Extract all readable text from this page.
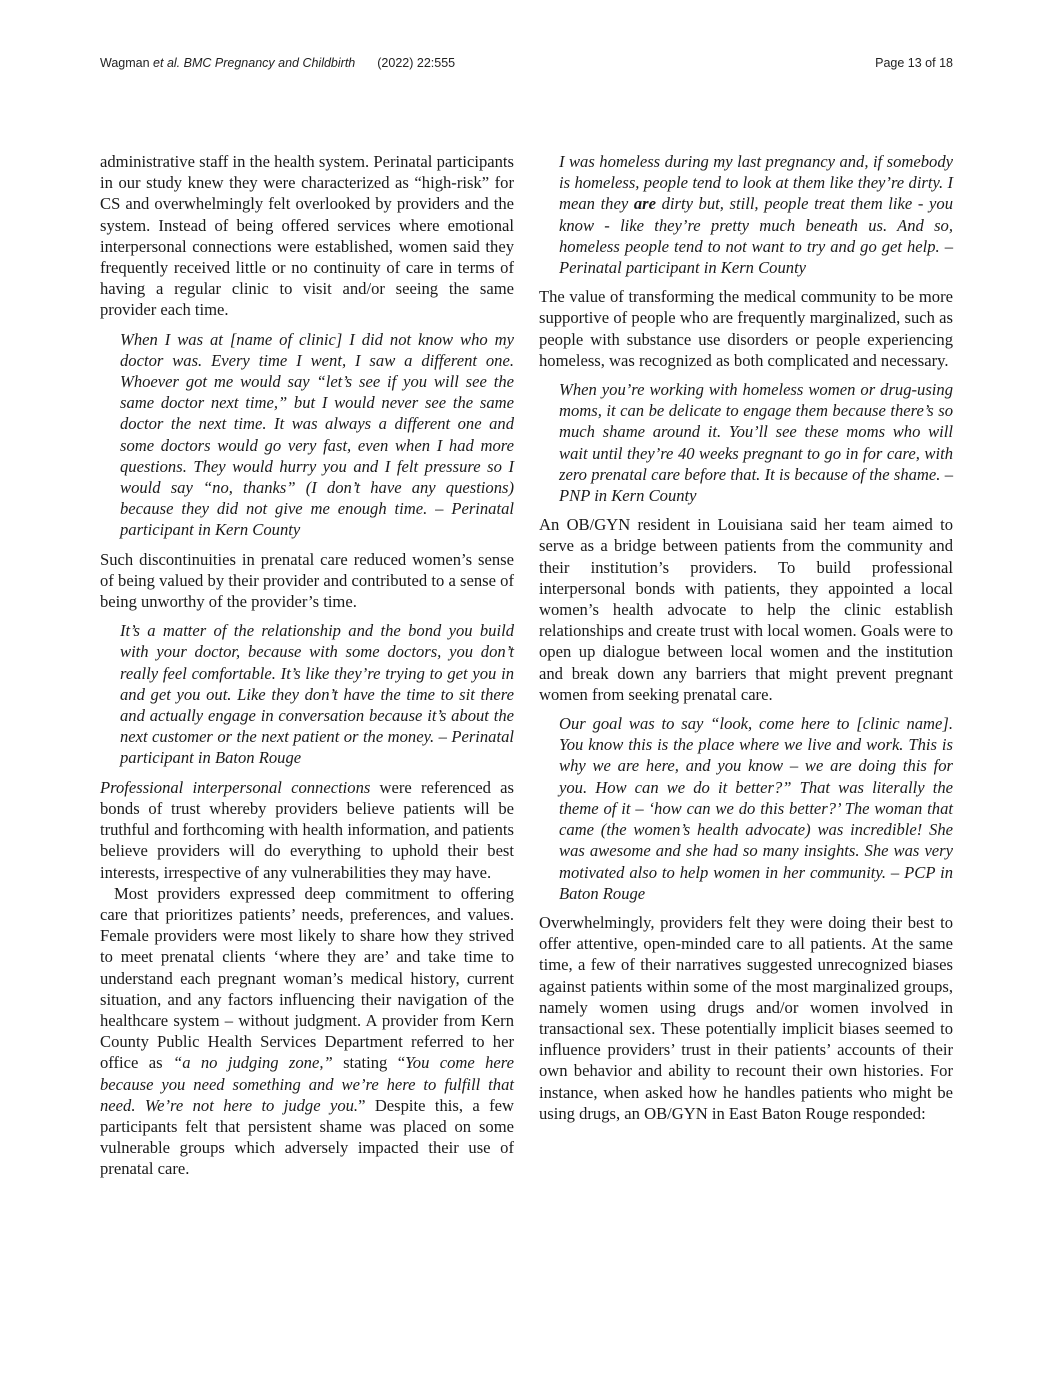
Wagman et al. BMC Pregnancy and Childbirth (2022) 22:555	Page 13 of 18

administrative staff in the health system. Perinatal participants in our study knew they were characterized as “high-risk” for CS and overwhelmingly felt overlooked by providers and the system. Instead of being offered services where emotional interpersonal connections were established, women said they frequently received little or no continuity of care in terms of having a regular clinic to visit and/or seeing the same provider each time.

When I was at [name of clinic] I did not know who my doctor was. Every time I went, I saw a different one. Whoever got me would say “let’s see if you will see the same doctor next time,” but I would never see the same doctor the next time. It was always a different one and some doctors would go very fast, even when I had more questions. They would hurry you and I felt pressure so I would say “no, thanks” (I don’t have any questions) because they did not give me enough time. – Perinatal participant in Kern County

Such discontinuities in prenatal care reduced women’s sense of being valued by their provider and contributed to a sense of being unworthy of the provider’s time.

It’s a matter of the relationship and the bond you build with your doctor, because with some doctors, you don’t really feel comfortable. It’s like they’re trying to get you in and get you out. Like they don’t have the time to sit there and actually engage in conversation because it’s about the next customer or the next patient or the money. – Perinatal participant in Baton Rouge

Professional interpersonal connections were referenced as bonds of trust whereby providers believe patients will be truthful and forthcoming with health information, and patients believe providers will do everything to uphold their best interests, irrespective of any vulnerabilities they may have.

Most providers expressed deep commitment to offering care that prioritizes patients’ needs, preferences, and values. Female providers were most likely to share how they strived to meet prenatal clients ‘where they are’ and take time to understand each pregnant woman’s medical history, current situation, and any factors influencing their navigation of the healthcare system – without judgment. A provider from Kern County Public Health Services Department referred to her office as “a no judging zone,” stating “You come here because you need something and we’re here to fulfill that need. We’re not here to judge you.” Despite this, a few participants felt that persistent shame was placed on some vulnerable groups which adversely impacted their use of prenatal care.

I was homeless during my last pregnancy and, if somebody is homeless, people tend to look at them like they’re dirty. I mean they are dirty but, still, people treat them like - you know - like they’re pretty much beneath us. And so, homeless people tend to not want to try and go get help. – Perinatal participant in Kern County

The value of transforming the medical community to be more supportive of people who are frequently marginalized, such as people with substance use disorders or people experiencing homeless, was recognized as both complicated and necessary.

When you’re working with homeless women or drug-using moms, it can be delicate to engage them because there’s so much shame around it. You’ll see these moms who will wait until they’re 40 weeks pregnant to go in for care, with zero prenatal care before that. It is because of the shame. – PNP in Kern County

An OB/GYN resident in Louisiana said her team aimed to serve as a bridge between patients from the community and their institution’s providers. To build professional interpersonal bonds with patients, they appointed a local women’s health advocate to help the clinic establish relationships and create trust with local women. Goals were to open up dialogue between local women and the institution and break down any barriers that might prevent pregnant women from seeking prenatal care.

Our goal was to say “look, come here to [clinic name]. You know this is the place where we live and work. This is why we are here, and you know – we are doing this for you. How can we do it better?” That was literally the theme of it – ‘how can we do this better?’ The woman that came (the women’s health advocate) was incredible! She was awesome and she had so many insights. She was very motivated also to help women in her community. – PCP in Baton Rouge

Overwhelmingly, providers felt they were doing their best to offer attentive, open-minded care to all patients. At the same time, a few of their narratives suggested unrecognized biases against patients within some of the most marginalized groups, namely women using drugs and/or women involved in transactional sex. These potentially implicit biases seemed to influence providers’ trust in their patients’ accounts of their own behavior and ability to recount their own histories. For instance, when asked how he handles patients who might be using drugs, an OB/GYN in East Baton Rouge responded:
